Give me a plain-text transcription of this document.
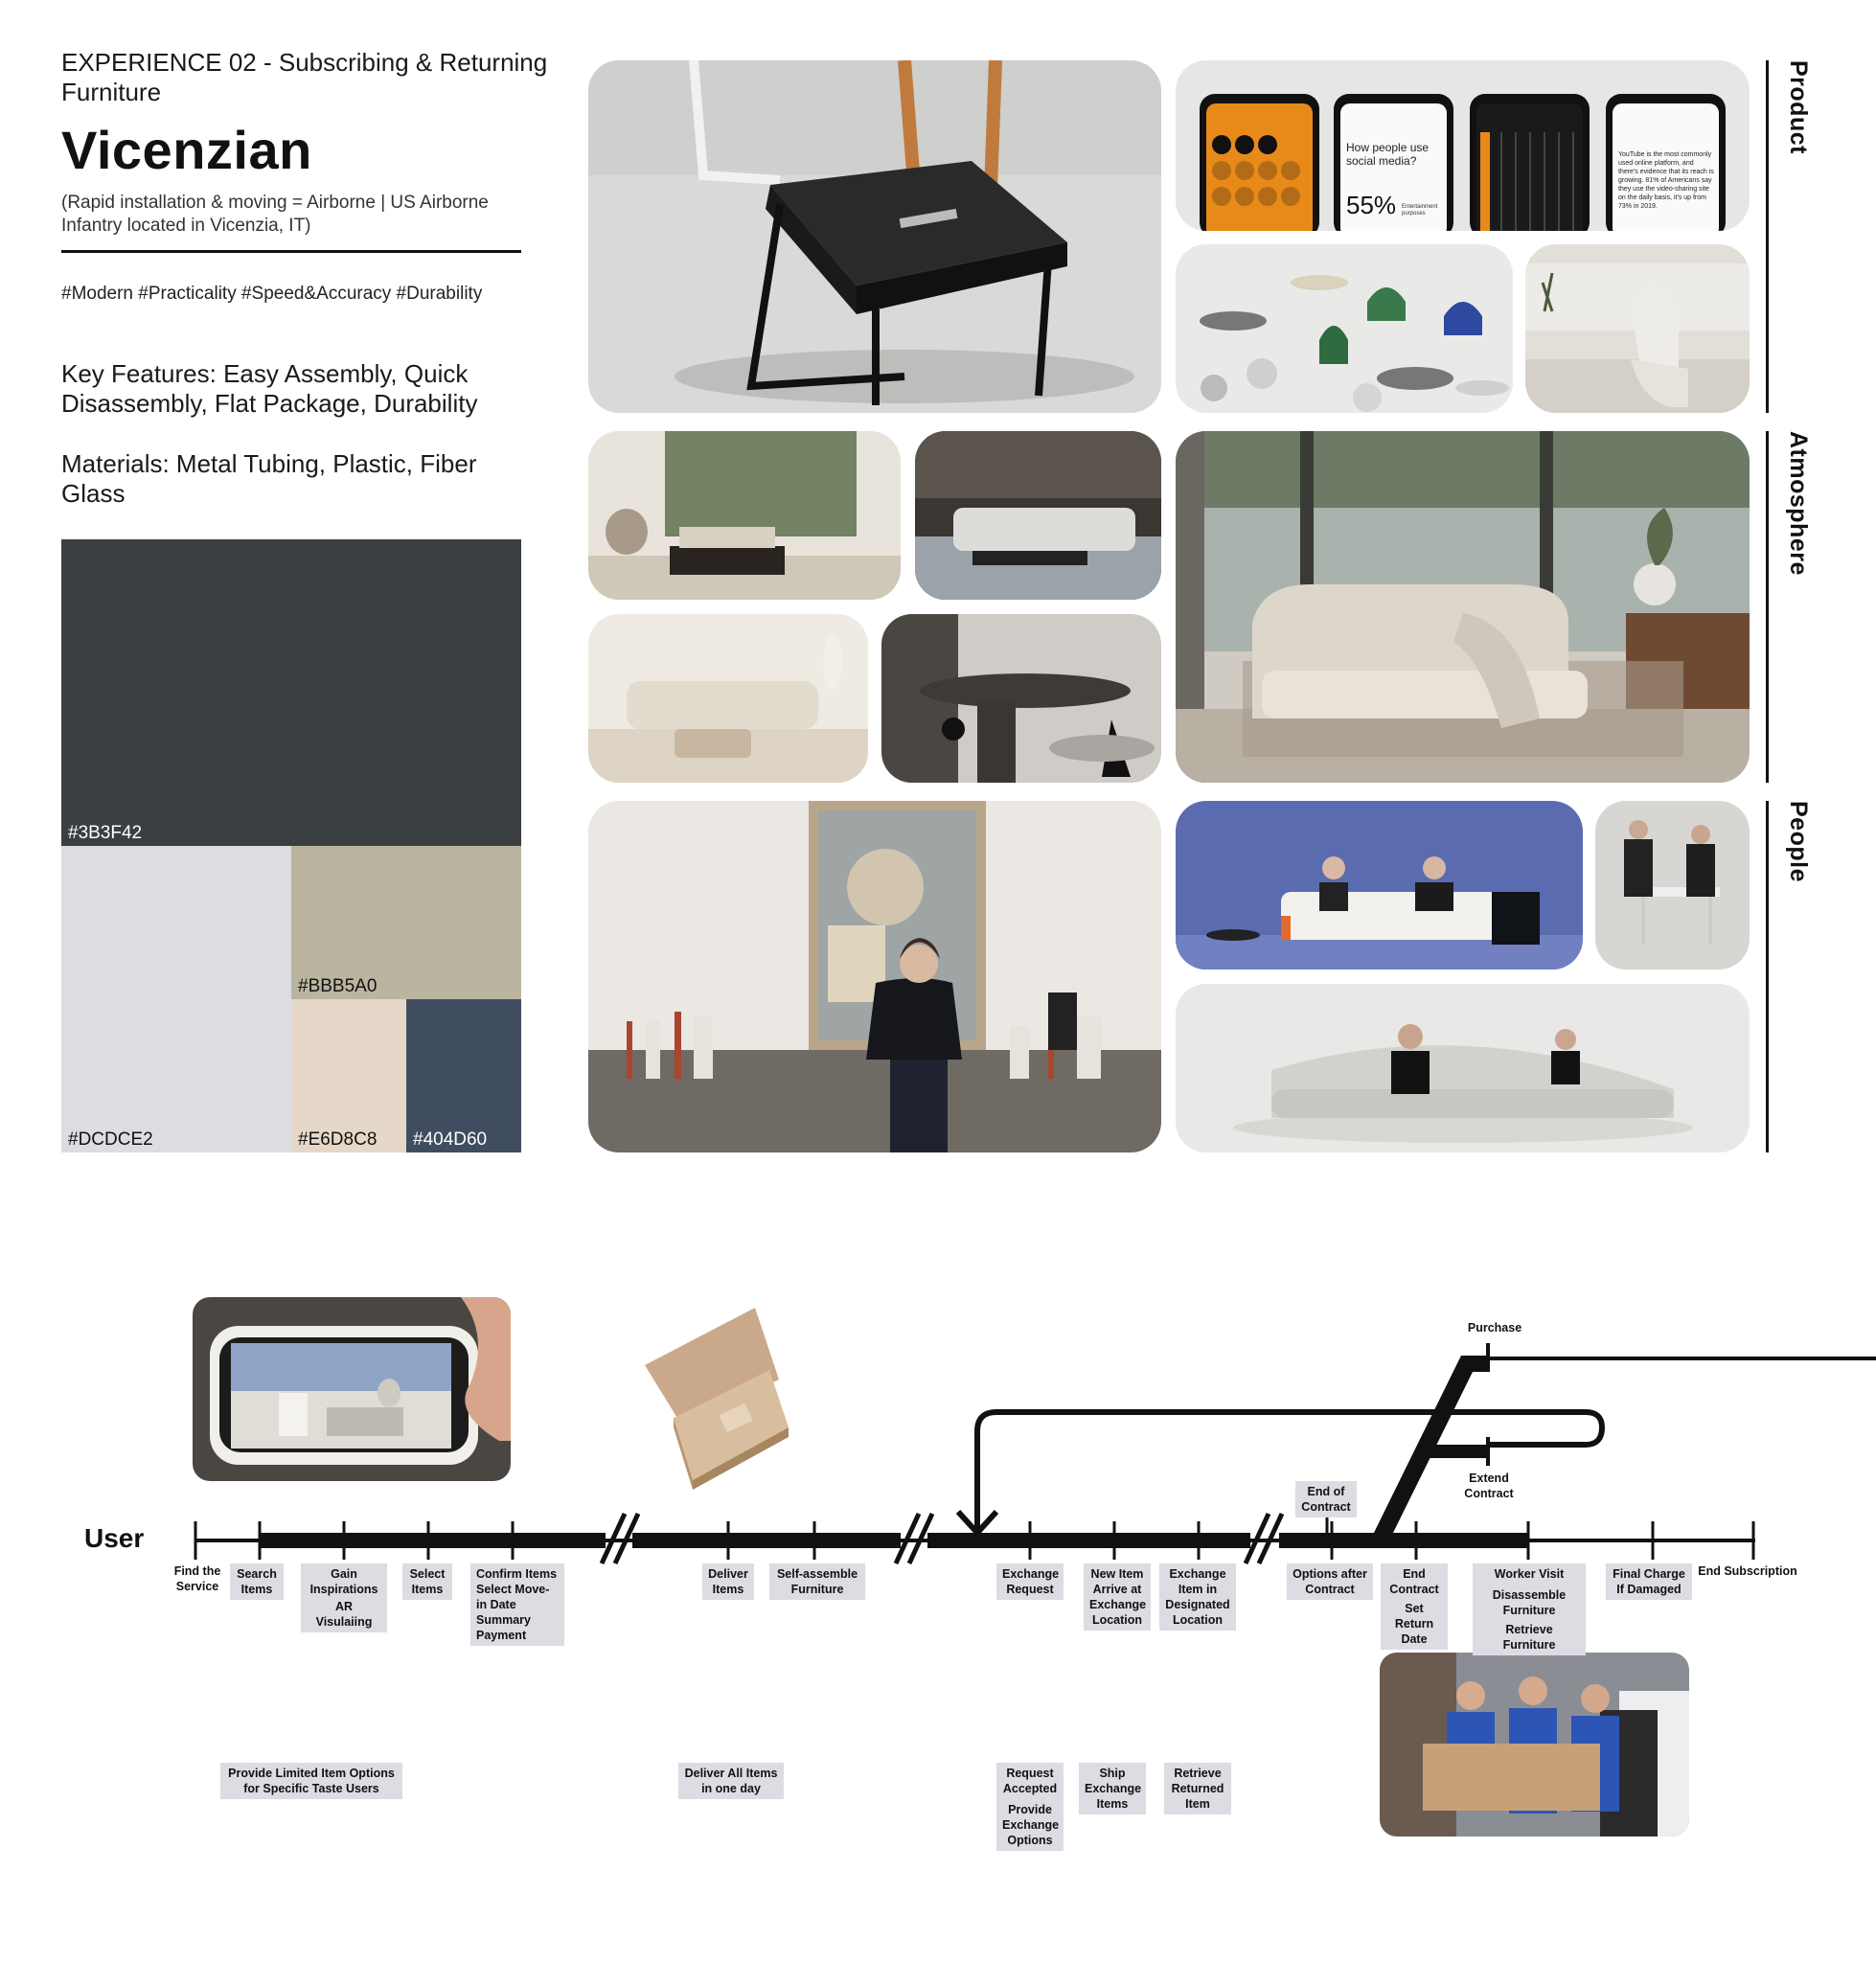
EXPERIENCE 02 - Subscribing & Returning Furniture
Vicenzian
(Rapid installation & moving = Airborne | US Airborne Infantry located in Vicenzia, IT)
#Modern #Practicality #Speed&Accuracy #Durability
Key Features: Easy Assembly, Quick Disassembly, Flat Package, Durability
Materials: Metal Tubing, Plastic, Fiber Glass
#3B3F42
#DCDCE2
#BBB5A0
#E6D8C8 #404D60
How people use social media?
55% Entertainment purposes
YouTube is the most commonly used online platform, and there's evidence that its reach is growing. 81% of Americans say they use the video-sharing site on the daily basis, it's up from 73% in 2019.
Product
Atmosphere
People
User
Find the Service
Search Items
Gain Inspirations
AR Visulaiing
Select Items
Confirm Items Select Move-in Date Summary Payment
Deliver Items
Self-assemble Furniture
Exchange Request
New Item Arrive at Exchange Location
Exchange Item in Designated Location
Options after Contract
End Contract
Set Return Date
Worker Visit
Disassemble Furniture
Retrieve Furniture
Final Charge If Damaged
End Subscription
Purchase
Extend Contract
End of Contract
Provide Limited Item Options for Specific Taste Users
Deliver All Items in one day
Request Accepted
Provide Exchange Options
Ship Exchange Items
Retrieve Returned Item
